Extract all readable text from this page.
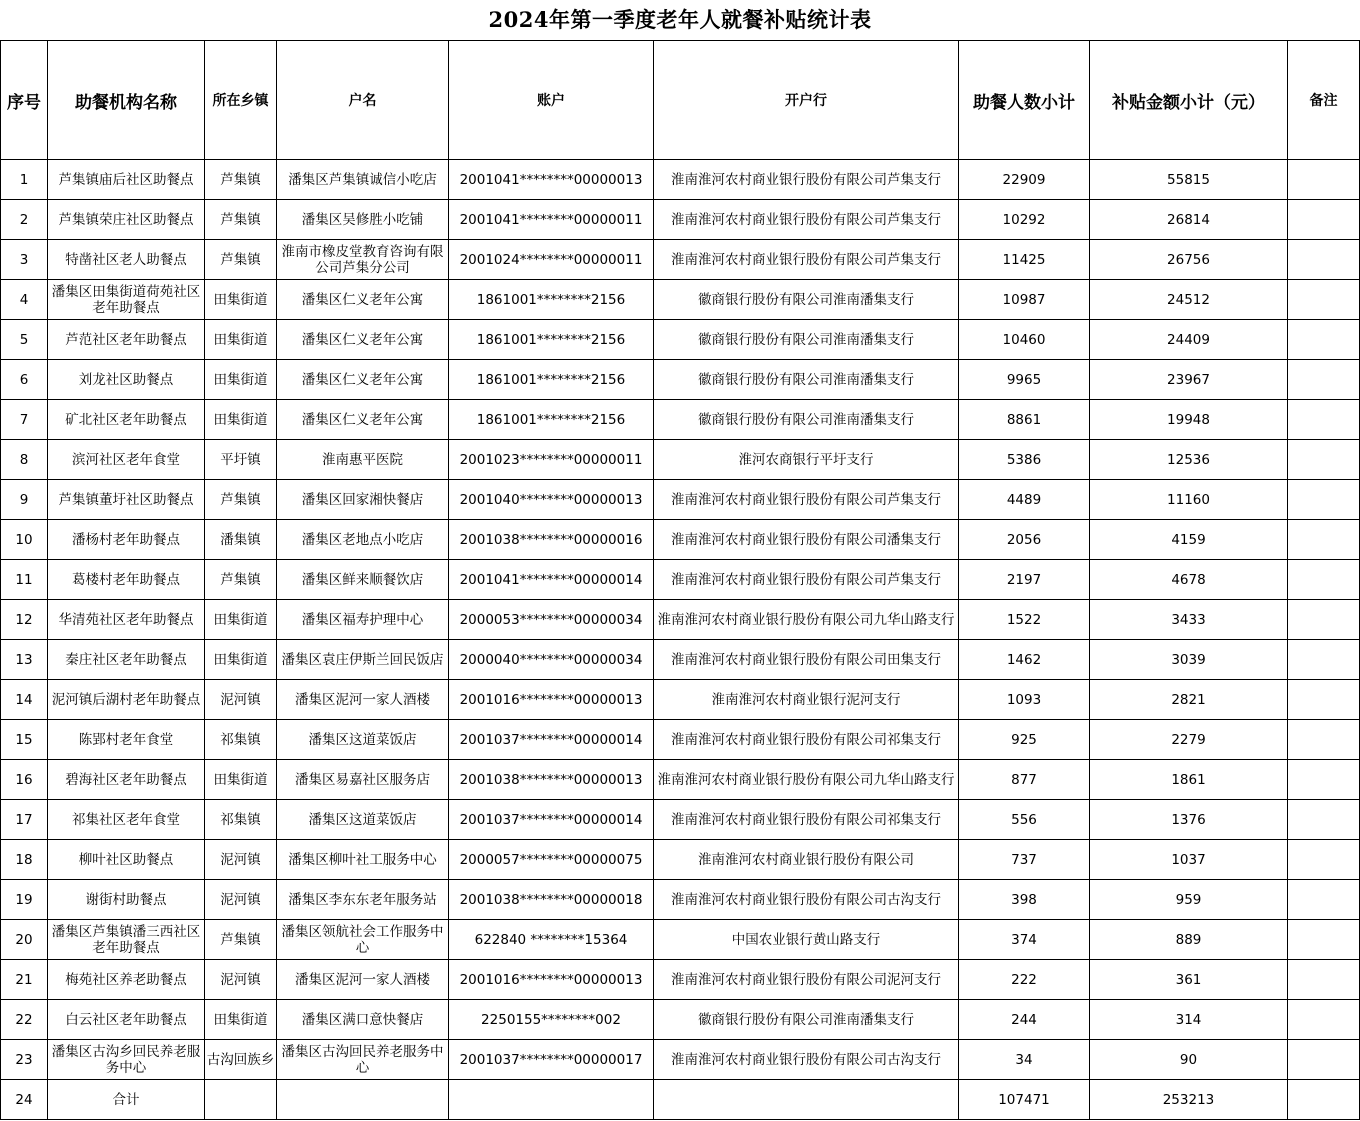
2024年第一季度老年人就餐补贴统计表
序号	助餐机构名称	所在乡镇	户名	账户	开户行	助餐人数小计	补贴金额小计（元）	备注
1	芦集镇庙后社区助餐点	芦集镇	潘集区芦集镇诚信小吃店	2001041********00000013	淮南淮河农村商业银行股份有限公司芦集支行	22909	55815	
2	芦集镇荣庄社区助餐点	芦集镇	潘集区吴修胜小吃铺	2001041********00000011	淮南淮河农村商业银行股份有限公司芦集支行	10292	26814	
3	特凿社区老人助餐点	芦集镇	淮南市橡皮堂教育咨询有限公司芦集分公司	2001024********00000011	淮南淮河农村商业银行股份有限公司芦集支行	11425	26756	
4	潘集区田集街道荷苑社区老年助餐点	田集街道	潘集区仁义老年公寓	1861001********2156	徽商银行股份有限公司淮南潘集支行	10987	24512	
5	芦范社区老年助餐点	田集街道	潘集区仁义老年公寓	1861001********2156	徽商银行股份有限公司淮南潘集支行	10460	24409	
6	刘龙社区助餐点	田集街道	潘集区仁义老年公寓	1861001********2156	徽商银行股份有限公司淮南潘集支行	9965	23967	
7	矿北社区老年助餐点	田集街道	潘集区仁义老年公寓	1861001********2156	徽商银行股份有限公司淮南潘集支行	8861	19948	
8	滨河社区老年食堂	平圩镇	淮南惠平医院	2001023********00000011	淮河农商银行平圩支行	5386	12536	
9	芦集镇董圩社区助餐点	芦集镇	潘集区回家湘快餐店	2001040********00000013	淮南淮河农村商业银行股份有限公司芦集支行	4489	11160	
10	潘杨村老年助餐点	潘集镇	潘集区老地点小吃店	2001038********00000016	淮南淮河农村商业银行股份有限公司潘集支行	2056	4159	
11	葛楼村老年助餐点	芦集镇	潘集区鲜来顺餐饮店	2001041********00000014	淮南淮河农村商业银行股份有限公司芦集支行	2197	4678	
12	华清苑社区老年助餐点	田集街道	潘集区福寿护理中心	2000053********00000034	淮南淮河农村商业银行股份有限公司九华山路支行	1522	3433	
13	秦庄社区老年助餐点	田集街道	潘集区袁庄伊斯兰回民饭店	2000040********00000034	淮南淮河农村商业银行股份有限公司田集支行	1462	3039	
14	泥河镇后湖村老年助餐点	泥河镇	潘集区泥河一家人酒楼	2001016********00000013	淮南淮河农村商业银行泥河支行	1093	2821	
15	陈郢村老年食堂	祁集镇	潘集区这道菜饭店	2001037********00000014	淮南淮河农村商业银行股份有限公司祁集支行	925	2279	
16	碧海社区老年助餐点	田集街道	潘集区易嘉社区服务店	2001038********00000013	淮南淮河农村商业银行股份有限公司九华山路支行	877	1861	
17	祁集社区老年食堂	祁集镇	潘集区这道菜饭店	2001037********00000014	淮南淮河农村商业银行股份有限公司祁集支行	556	1376	
18	柳叶社区助餐点	泥河镇	潘集区柳叶社工服务中心	2000057********00000075	淮南淮河农村商业银行股份有限公司	737	1037	
19	谢街村助餐点	泥河镇	潘集区李东东老年服务站	2001038********00000018	淮南淮河农村商业银行股份有限公司古沟支行	398	959	
20	潘集区芦集镇潘三西社区老年助餐点	芦集镇	潘集区领航社会工作服务中心	622840 ********15364	中国农业银行黄山路支行	374	889	
21	梅苑社区养老助餐点	泥河镇	潘集区泥河一家人酒楼	2001016********00000013	淮南淮河农村商业银行股份有限公司泥河支行	222	361	
22	白云社区老年助餐点	田集街道	潘集区满口意快餐店	2250155********002	徽商银行股份有限公司淮南潘集支行	244	314	
23	潘集区古沟乡回民养老服务中心	古沟回族乡	潘集区古沟回民养老服务中心	2001037********00000017	淮南淮河农村商业银行股份有限公司古沟支行	34	90	
24	合计					107471	253213	
